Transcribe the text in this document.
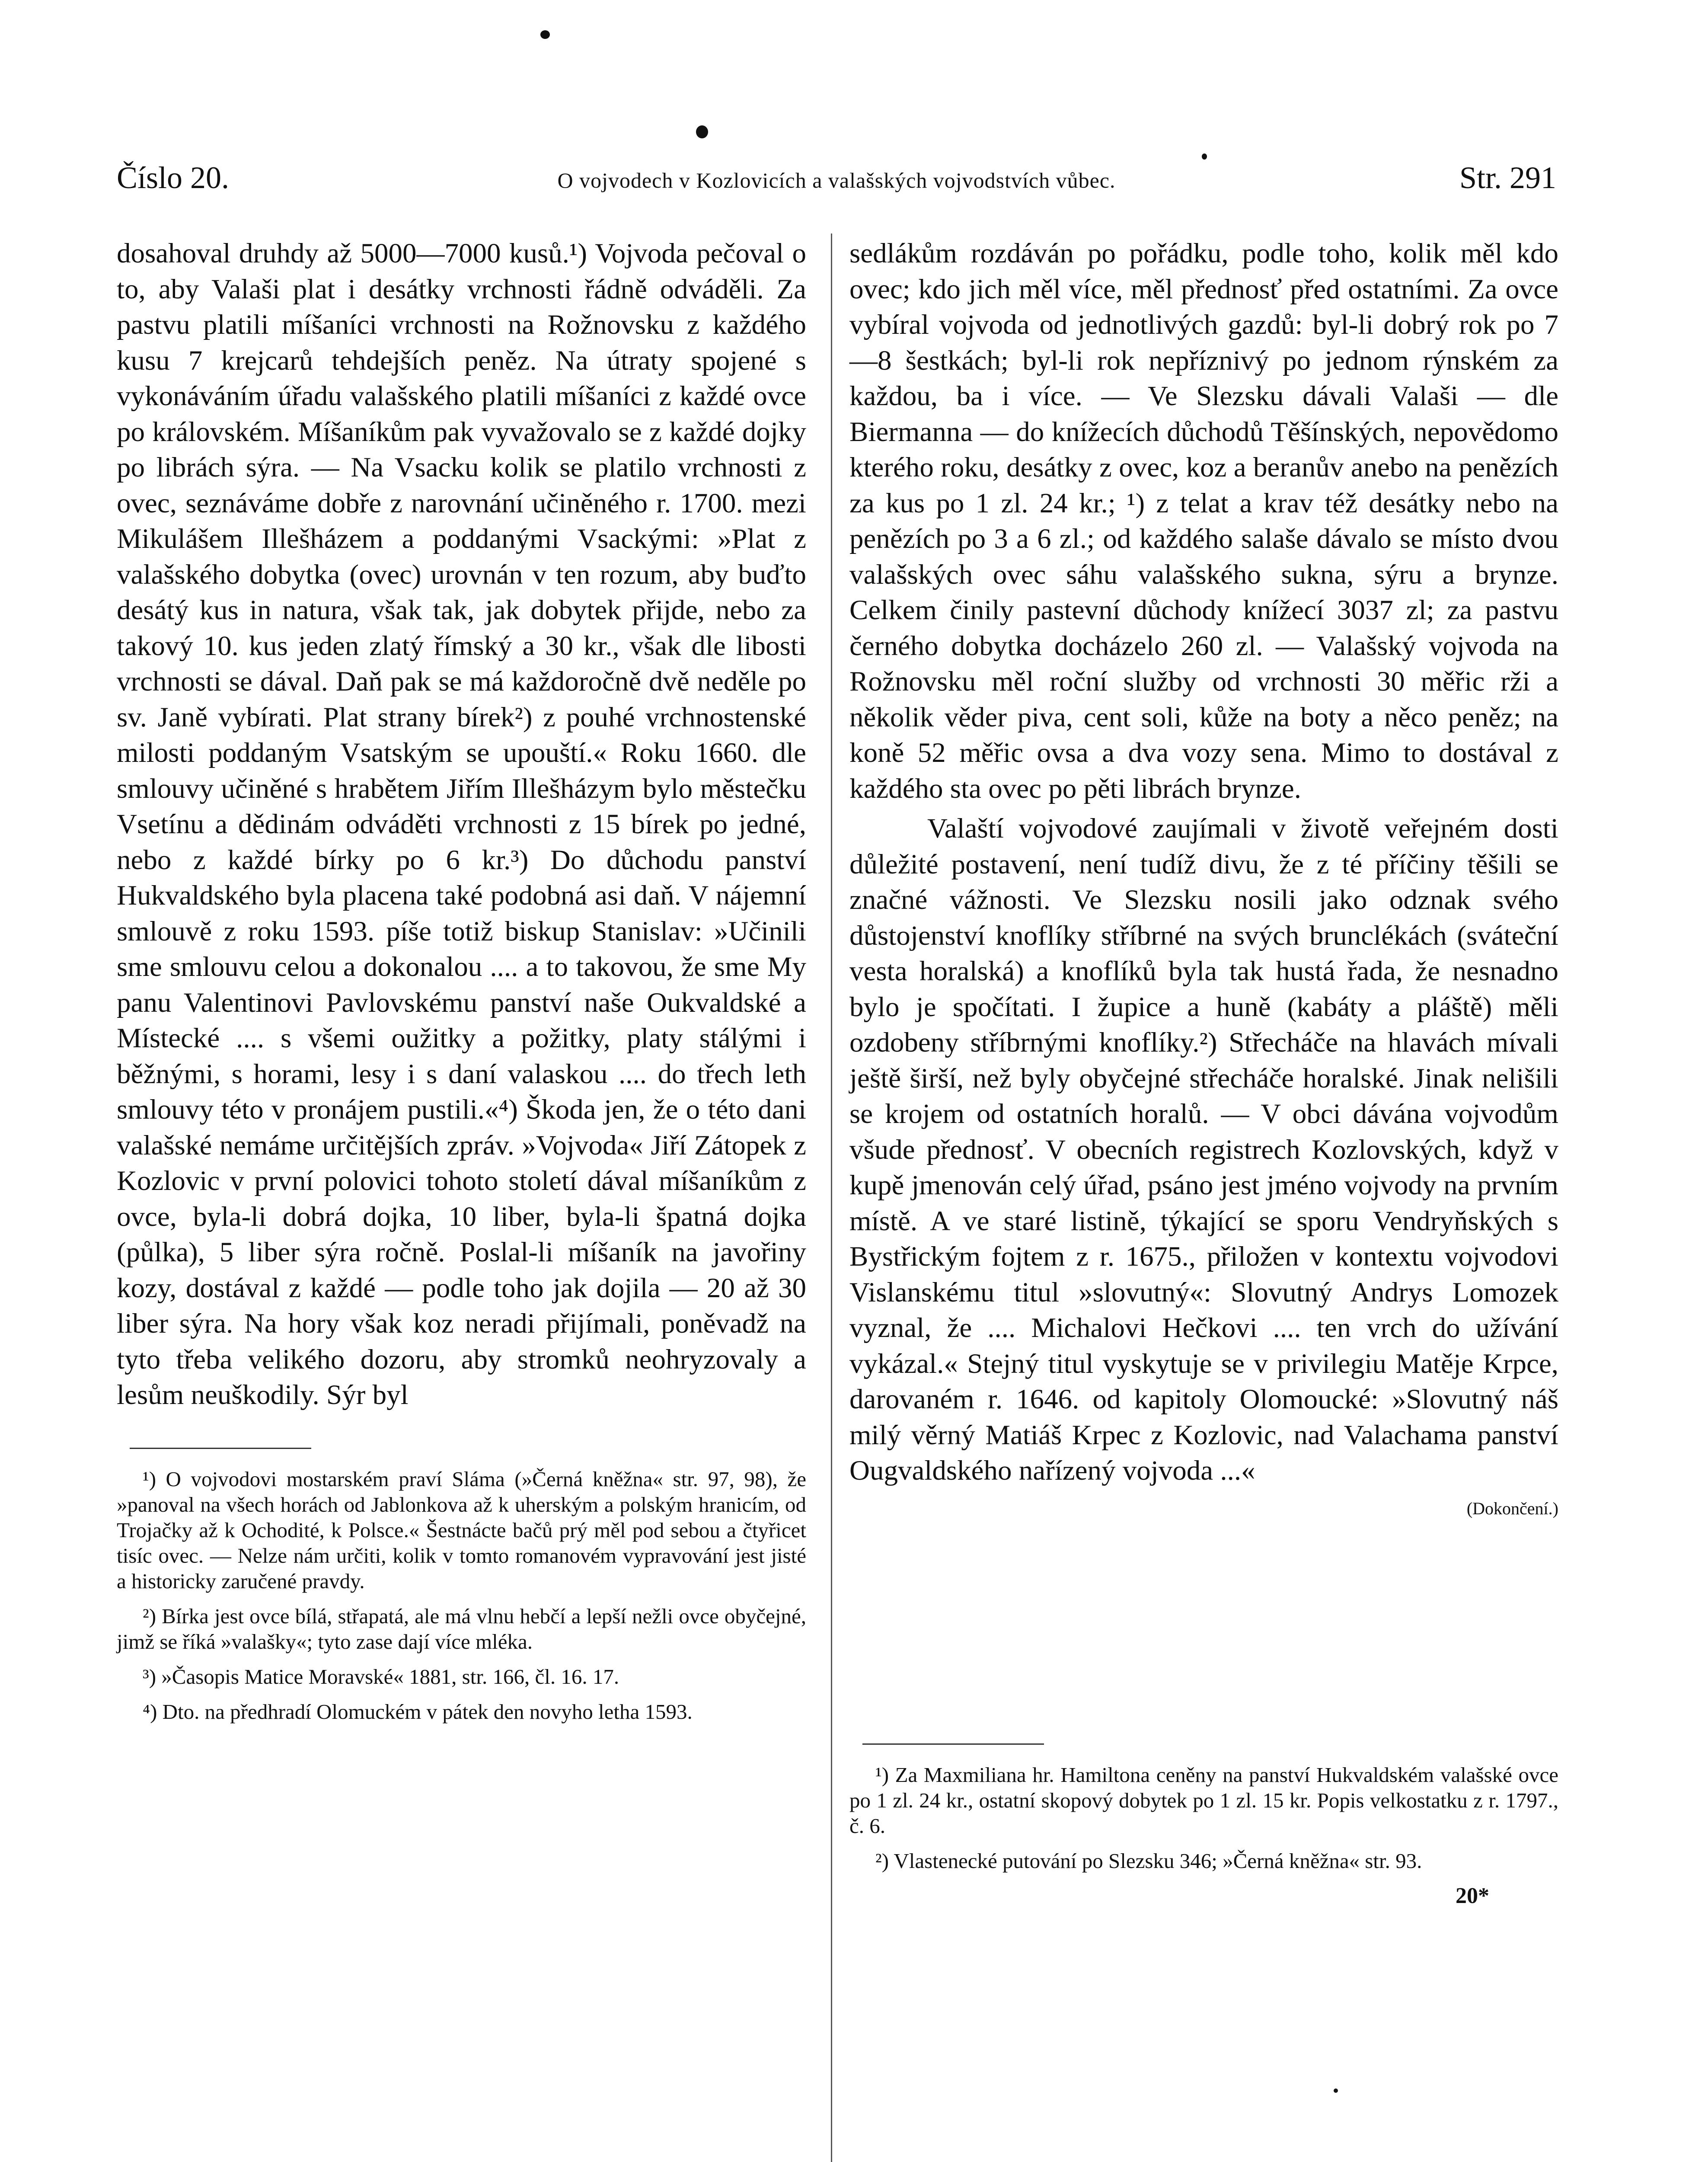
Číslo 20.	O vojvodech v Kozlovicích a valašských vojvodstvích vůbec.	Str. 291

dosahoval druhdy až 5000—7000 kusů.¹) Vojvoda pečoval o to, aby Valaši plat i desátky vrchnosti řádně odváděli. Za pastvu platili míšaníci vrchnosti na Rožnovsku z každého kusu 7 krejcarů tehdejších peněz. Na útraty spojené s vykonáváním úřadu valašského platili míšaníci z každé ovce po královském. Míšaníkům pak vyvažovalo se z každé dojky po librách sýra. — Na Vsacku kolik se platilo vrchnosti z ovec, seznáváme dobře z narovnání učiněného r. 1700. mezi Mikulášem Illešházem a poddanými Vsackými: »Plat z valašského dobytka (ovec) urovnán v ten rozum, aby buďto desátý kus in natura, však tak, jak dobytek přijde, nebo za takový 10. kus jeden zlatý římský a 30 kr., však dle libosti vrchnosti se dával. Daň pak se má každoročně dvě neděle po sv. Janě vybírati. Plat strany bírek²) z pouhé vrchnostenské milosti poddaným Vsatským se upouští.« Roku 1660. dle smlouvy učiněné s hrabětem Jiřím Illešházym bylo městečku Vsetínu a dědinám odváděti vrchnosti z 15 bírek po jedné, nebo z každé bírky po 6 kr.³) Do důchodu panství Hukvaldského byla placena také podobná asi daň. V nájemní smlouvě z roku 1593. píše totiž biskup Stanislav: »Učinili sme smlouvu celou a dokonalou .... a to takovou, že sme My panu Valentinovi Pavlovskému panství naše Oukvaldské a Místecké .... s všemi oužitky a požitky, platy stálými i běžnými, s horami, lesy i s daní valaskou .... do třech leth smlouvy této v pronájem pustili.«⁴) Škoda jen, že o této dani valašské nemáme určitějších zpráv. »Vojvoda« Jiří Zátopek z Kozlovic v první polovici tohoto století dával míšaníkům z ovce, byla-li dobrá dojka, 10 liber, byla-li špatná dojka (půlka), 5 liber sýra ročně. Poslal-li míšaník na javořiny kozy, dostával z každé — podle toho jak dojila — 20 až 30 liber sýra. Na hory však koz neradi přijímali, poněvadž na tyto třeba velikého dozoru, aby stromků neohryzovaly a lesům neuškodily. Sýr byl

¹) O vojvodovi mostarském praví Sláma (»Černá kněžna« str. 97, 98), že »panoval na všech horách od Jablonkova až k uherským a polským hranicím, od Trojačky až k Ochodité, k Polsce.« Šestnácte bačů prý měl pod sebou a čtyřicet tisíc ovec. — Nelze nám určiti, kolik v tomto romanovém vypravování jest jisté a historicky zaručené pravdy.

²) Bírka jest ovce bílá, střapatá, ale má vlnu hebčí a lepší nežli ovce obyčejné, jimž se říká »valašky«; tyto zase dají více mléka.

³) »Časopis Matice Moravské« 1881, str. 166, čl. 16. 17.

⁴) Dto. na předhradí Olomuckém v pátek den novyho letha 1593.

sedlákům rozdáván po pořádku, podle toho, kolik měl kdo ovec; kdo jich měl více, měl přednosť před ostatními. Za ovce vybíral vojvoda od jednotlivých gazdů: byl-li dobrý rok po 7—8 šestkách; byl-li rok nepříznivý po jednom rýnském za každou, ba i více. — Ve Slezsku dávali Valaši — dle Biermanna — do knížecích důchodů Těšínských, nepovědomo kterého roku, desátky z ovec, koz a beranův anebo na penězích za kus po 1 zl. 24 kr.; ¹) z telat a krav též desátky nebo na penězích po 3 a 6 zl.; od každého salaše dávalo se místo dvou valašských ovec sáhu valašského sukna, sýru a brynze. Celkem činily pastevní důchody knížecí 3037 zl; za pastvu černého dobytka docházelo 260 zl. — Valašský vojvoda na Rožnovsku měl roční služby od vrchnosti 30 měřic rži a několik věder piva, cent soli, kůže na boty a něco peněz; na koně 52 měřic ovsa a dva vozy sena. Mimo to dostával z každého sta ovec po pěti librách brynze.

Valaští vojvodové zaujímali v životě veřejném dosti důležité postavení, není tudíž divu, že z té příčiny těšili se značné vážnosti. Ve Slezsku nosili jako odznak svého důstojenství knoflíky stříbrné na svých brunclékách (sváteční vesta horalská) a knoflíků byla tak hustá řada, že nesnadno bylo je spočítati. I župice a huně (kabáty a pláště) měli ozdobeny stříbrnými knoflíky.²) Střecháče na hlavách mívali ještě širší, než byly obyčejné střecháče horalské. Jinak nelišili se krojem od ostatních horalů. — V obci dávána vojvodům všude přednosť. V obecních registrech Kozlovských, když v kupě jmenován celý úřad, psáno jest jméno vojvody na prvním místě. A ve staré listině, týkající se sporu Vendryňských s Bystřickým fojtem z r. 1675., přiložen v kontextu vojvodovi Vislanskému titul »slovutný«: Slovutný Andrys Lomozek vyznal, že .... Michalovi Hečkovi .... ten vrch do užívání vykázal.« Stejný titul vyskytuje se v privilegiu Matěje Krpce, darovaném r. 1646. od kapitoly Olomoucké: »Slovutný náš milý věrný Matiáš Krpec z Kozlovic, nad Valachama panství Ougvaldského nařízený vojvoda ...«

(Dokončení.)

¹) Za Maxmiliana hr. Hamiltona ceněny na panství Hukvaldském valašské ovce po 1 zl. 24 kr., ostatní skopový dobytek po 1 zl. 15 kr. Popis velkostatku z r. 1797., č. 6.

²) Vlastenecké putování po Slezsku 346; »Černá kněžna« str. 93.

20*
